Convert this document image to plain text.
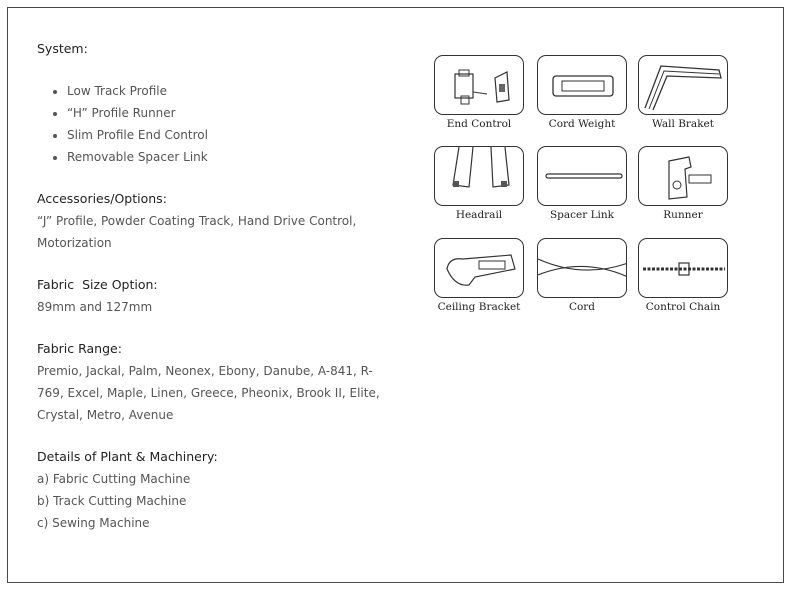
System:

• Low Track Profile
• “H” Profile Runner
• Slim Profile End Control
• Removable Spacer Link

Accessories/Options:

“J” Profile, Powder Coating Track, Hand Drive Control, Motorization

Fabric  Size Option:

89mm and 127mm

Fabric Range:

Premio, Jackal, Palm, Neonex, Ebony, Danube, A-841, R-769, Excel, Maple, Linen, Greece, Pheonix, Brook II, Elite, Crystal, Metro, Avenue

Details of Plant & Machinery:

a) Fabric Cutting Machine

b) Track Cutting Machine

c) Sewing Machine

End Control	Cord Weight	Wall Braket
Headrail	Spacer Link	Runner
Ceiling Bracket	Cord	Control Chain
